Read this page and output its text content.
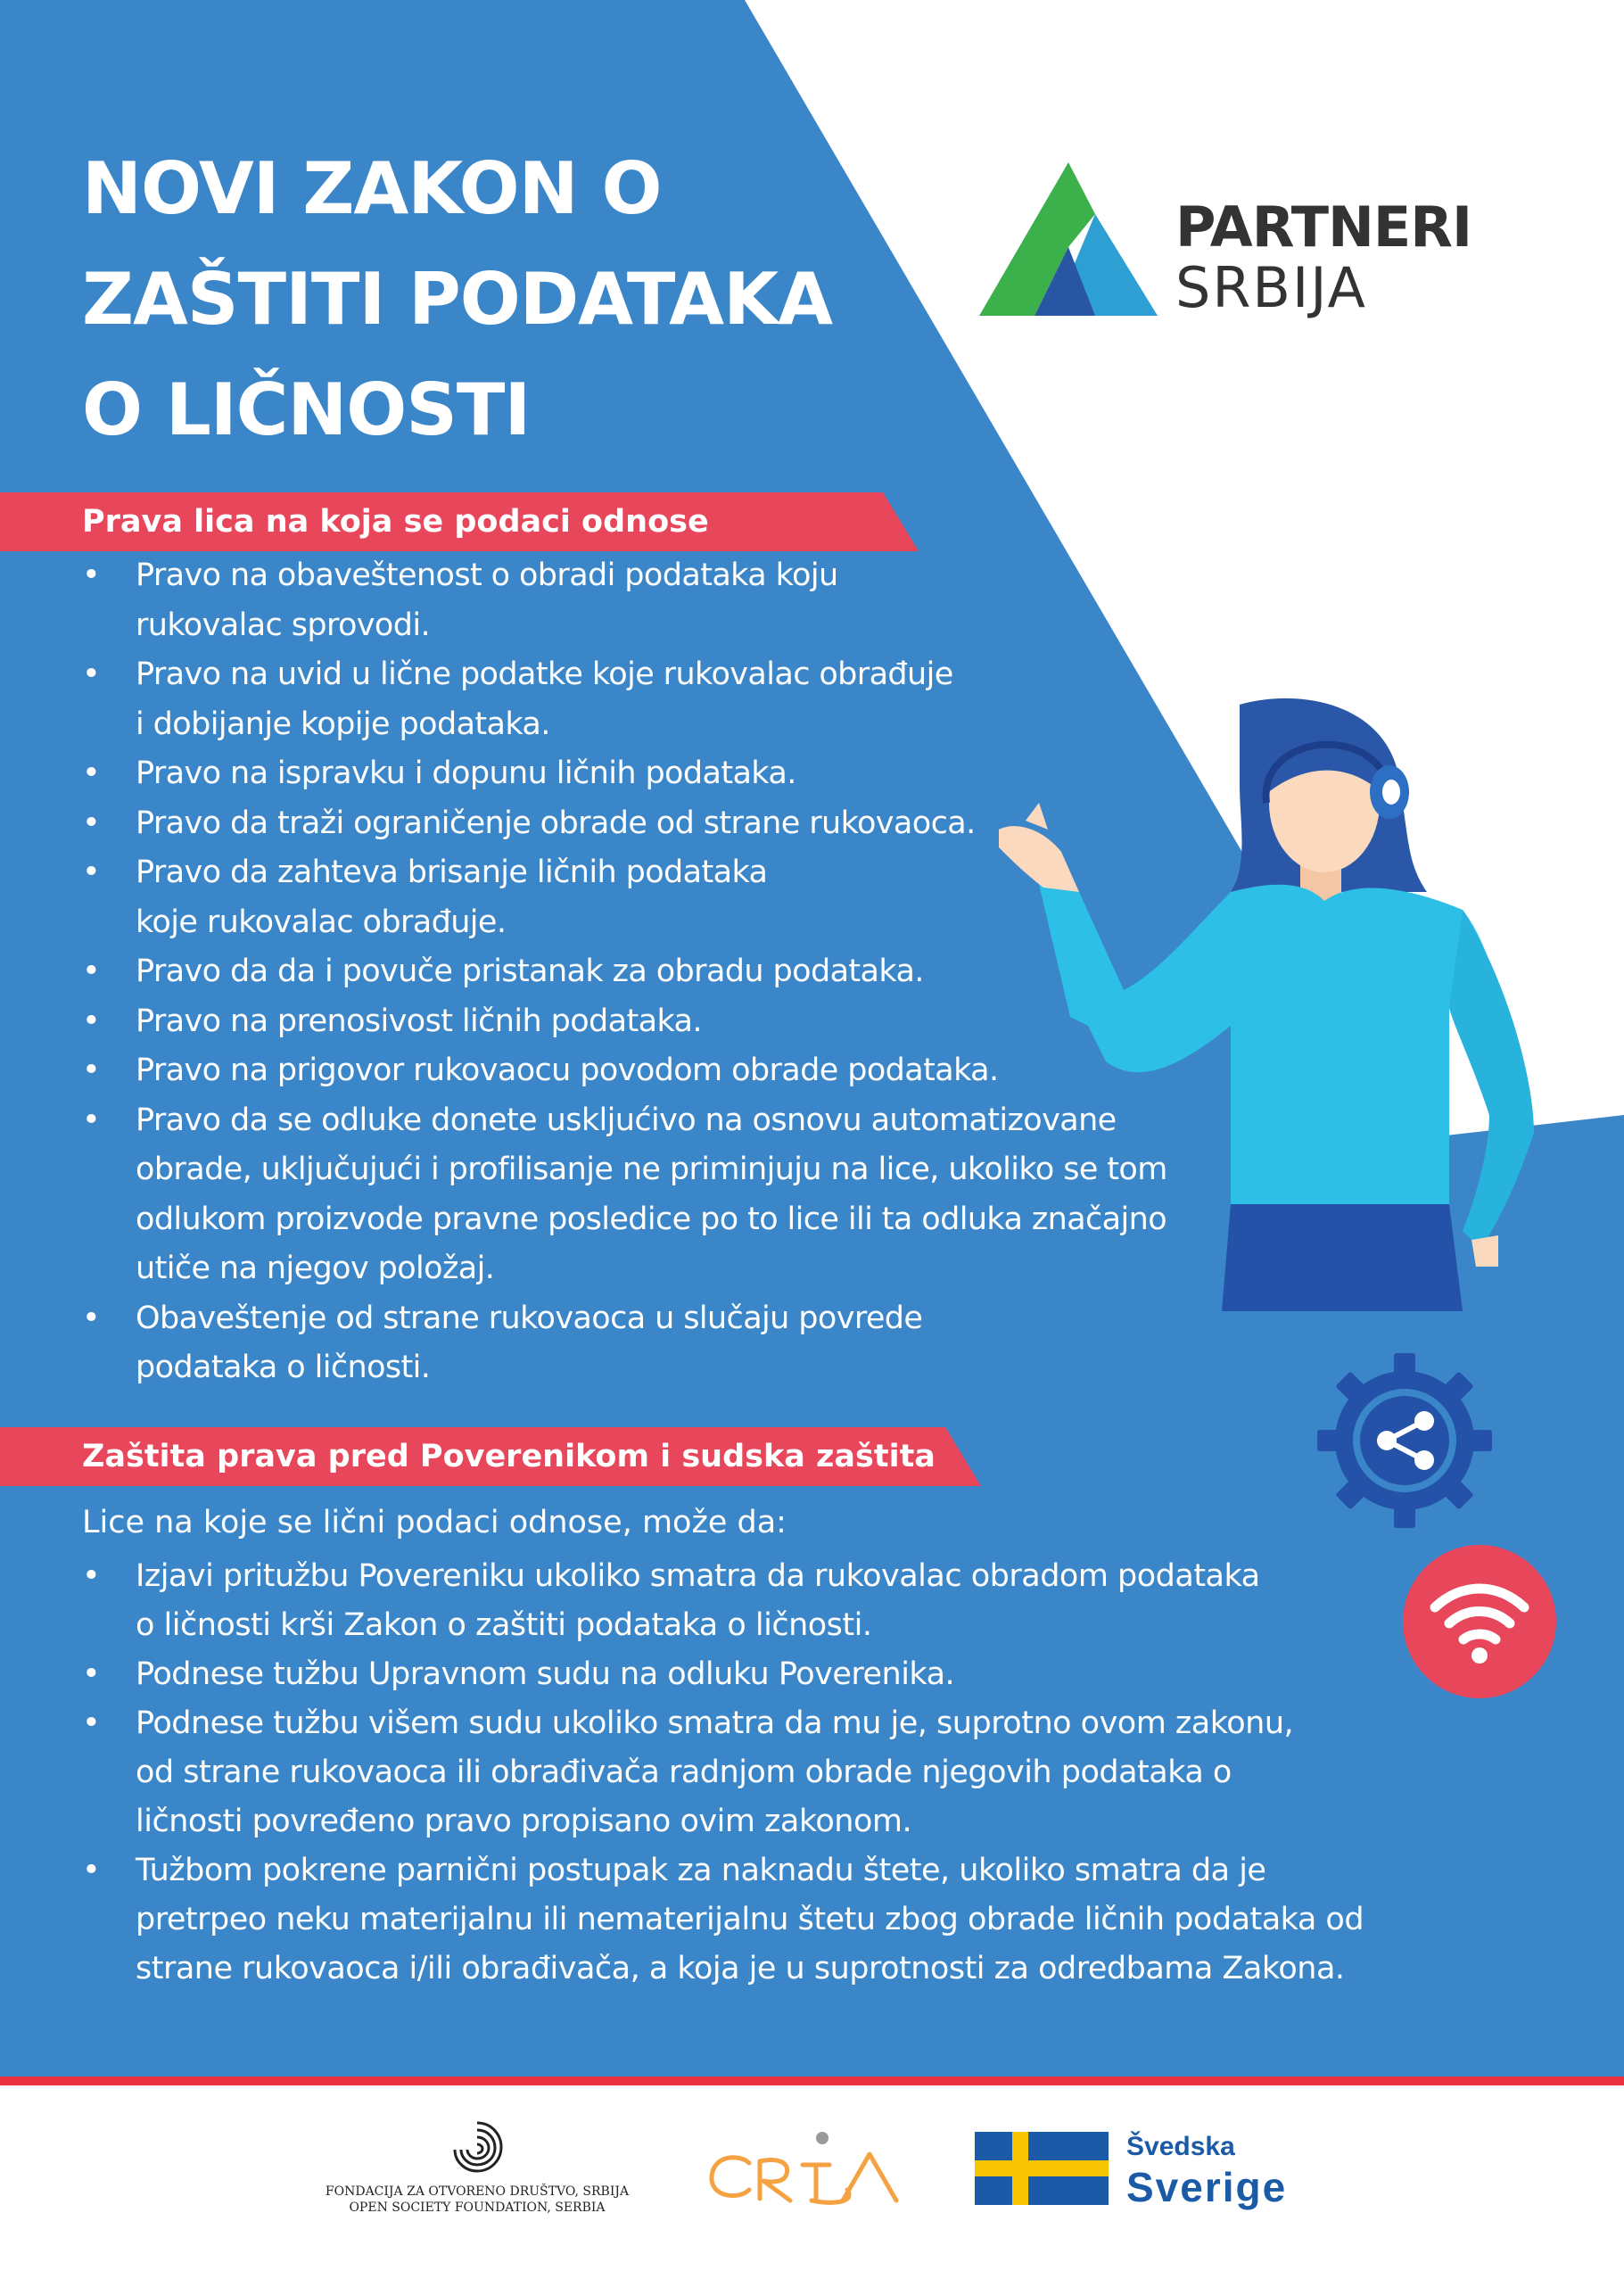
NOVI ZAKON O
ZAŠTITI PODATAKA
O LIČNOSTI
PARTNERI
SRBIJA
Prava lica na koja se podaci odnose
• Pravo na obaveštenost o obradi podataka koju
rukovalac sprovodi.
• Pravo na uvid u lične podatke koje rukovalac obrađuje
i dobijanje kopije podataka.
• Pravo na ispravku i dopunu ličnih podataka.
• Pravo da traži ograničenje obrade od strane rukovaoca.
• Pravo da zahteva brisanje ličnih podataka
koje rukovalac obrađuje.
• Pravo da da i povuče pristanak za obradu podataka.
• Pravo na prenosivost ličnih podataka.
• Pravo na prigovor rukovaocu povodom obrade podataka.
• Pravo da se odluke donete uskljućivo na osnovu automatizovane
obrade, uključujući i profilisanje ne priminjuju na lice, ukoliko se tom
odlukom proizvode pravne posledice po to lice ili ta odluka značajno
utiče na njegov položaj.
• Obaveštenje od strane rukovaoca u slučaju povrede
podataka o ličnosti.
Zaštita prava pred Poverenikom i sudska zaštita
Lice na koje se lični podaci odnose, može da:
• Izjavi pritužbu Povereniku ukoliko smatra da rukovalac obradom podataka
o ličnosti krši Zakon o zaštiti podataka o ličnosti.
• Podnese tužbu Upravnom sudu na odluku Poverenika.
• Podnese tužbu višem sudu ukoliko smatra da mu je, suprotno ovom zakonu,
od strane rukovaoca ili obrađivača radnjom obrade njegovih podataka o
ličnosti povređeno pravo propisano ovim zakonom.
• Tužbom pokrene parnični postupak za naknadu štete, ukoliko smatra da je
pretrpeo neku materijalnu ili nematerijalnu štetu zbog obrade ličnih podataka od
strane rukovaoca i/ili obrađivača, a koja je u suprotnosti za odredbama Zakona.
FONDACIJA ZA OTVORENO DRUŠTVO, SRBIJA
OPEN SOCIETY FOUNDATION, SERBIA
Švedska
Sverige
